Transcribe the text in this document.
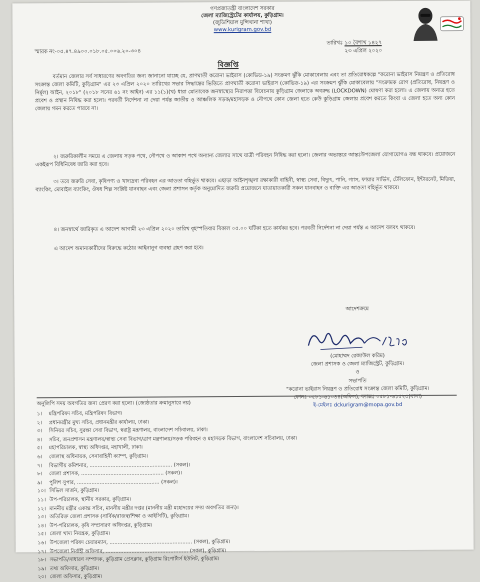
গণপ্রজাতন্ত্রী বাংলাদেশ সরকার
জেলা ম্যাজিস্ট্রেটের কার্যালয়, কুড়িগ্রাম।
(জুডিশিয়াল মুন্সিখানা শাখা)
www.kurigram.gov.bd
স্মারক নং-০৫.৪৭.৪৯০০.০১৮.০৫.০০৬.২০-৩০৪
তারিখঃ ১০ বৈশাখ ১৪২৭
২৩ এপ্রিল ২০২০
বিজ্ঞপ্তি

বর্তমান জেলার সর্ব সাধারণের অবগতির জন্য জানানো যাচ্ছে যে, প্রাণঘাতী করোনা ভাইরাস (কোভিড-১৯) সংক্রমণ ঝুঁকি মোকাবেলায় এবং তা প্রতিরোধকল্পে "করোনা ভাইরাস নিয়ন্ত্রণ ও প্রতিরোধ সংক্রান্ত জেলা কমিটি, কুড়িগ্রাম" এর ২৩ এপ্রিল ২০২০ তারিখের সভার সিদ্ধান্তের ভিত্তিতে প্রাণঘাতী করোনা ভাইরাস (কোভিড-১৯) এর সংক্রমণ ঝুঁকি মোকাবেলায় "সংক্রামক রোগ (প্রতিরোধ, নিয়ন্ত্রণ ও নির্মূল) আইন, ২০১৮" (২০১৮ সনের ৬১ নং আইন) এর ১১(১)(খ) ধারা মোতাবেক জনস্বাস্থ্যের নিরাপত্তা বিবেচনায় কুড়িগ্রাম জেলাকে অবরুদ্ধ (LOCKDOWN) ঘোষণা করা হলো। এ জেলায় অন্যত্র হতে প্রবেশ ও প্রস্থান নিষিদ্ধ করা হলো। পরবর্তী নির্দেশনা না দেয়া পর্যন্ত জাতীয় ও আঞ্চলিক সড়ক/মহাসড়ক ও নৌপথে কোন জেলা হতে কেউ কুড়িগ্রাম জেলায় প্রবেশ করতে কিংবা এ জেলা হতে অন্য কোন জেলায় গমন করতে পারবে না।

২। জরুরিকালীন সময়ে এ জেলায় সড়ক পথে, নৌপথে ও আকাশ পথে অন্যান্য জেলার সাথে যাত্রী পরিবহন নিষিদ্ধ করা হলো। জেলার অভ্যন্তরে আন্তঃউপজেলা যোগাযোগও বন্ধ থাকবে। প্রয়োজনে একইরূপ বিধিনিষেধ জারি করা হবে।

৩। তবে জরুরি সেবা, কৃষিপণ্য ও খাদ্যদ্রব্য পরিবহন এর আওতা বহির্ভূত থাকবে। এছাড়া আইনশৃঙ্খলা রক্ষাকারী বাহিনী, স্বাস্থ্য সেবা, বিদ্যুৎ, পানি, গ্যাস, ফায়ার সার্ভিস, টেলিফোন, ইন্টারনেট, মিডিয়া, ব্যাংকিং, মোবাইল ব্যাংকিং, ঔষধ শিল্প সংশ্লিষ্ট যানবাহন এবং জেলা প্রশাসন কর্তৃক অনুমোদিত জরুরি প্রয়োজনে যাতায়াতকারী সকল যানবাহন ও ব্যক্তি এর আওতা বহির্ভূত থাকবে।

৪। জনস্বার্থে জারিকৃত এ আদেশ আগামী ২৩ এপ্রিল ২০২০ তারিখ বৃহস্পতিবার বিকাল ০৫.০০ ঘটিকা হতে কার্যকর হবে। পরবর্তী নির্দেশনা না দেয়া পর্যন্ত এ আদেশ বলবৎ থাকবে।

এ আদেশ অমান্যকারীদের বিরুদ্ধে কঠোর আইনানুগ ব্যবস্থা গ্রহণ করা হবে।

আদেশক্রমে
(মোহাম্মদ রেজাউল করিম)
জেলা প্রশাসক ও জেলা ম্যাজিস্ট্রেট, কুড়িগ্রাম।
ও
সভাপতি
"করোনা ভাইরাস নিয়ন্ত্রণ ও প্রতিরোধ সংক্রান্ত জেলা কমিটি, কুড়িগ্রাম।
ফোনঃ ০৫৮১-৬১০৪৪(অফিস), ফ্যাক্সঃ ০৫৮১-৬১৫২৫(বাসা)
ই-মেইলঃ dckurigram@mopa.gov.bd
অনুলিপি সদয় অবগতির জন্য প্রেরণ করা হলো। (জ্যেষ্ঠতার ক্রমানুসারে নয়)
১।	মন্ত্রিপরিষদ সচিব, মন্ত্রিপরিষদ বিভাগ।
২।	প্রধানমন্ত্রীর মুখ্য সচিব, প্রধানমন্ত্রীর কার্যালয়, ঢাকা।
৩।	সিনিয়র সচিব, সুরক্ষা সেবা বিভাগ, স্বরাষ্ট্র মন্ত্রণালয়, বাংলাদেশ সচিবালয়, ঢাকা।
৪।	সচিব, জনপ্রশাসন মন্ত্রণালয়/স্বাস্থ্য সেবা বিভাগ/ত্রাণ মন্ত্রণালয়/সড়ক পরিবহন ও মহাসড়ক বিভাগ, বাংলাদেশ সচিবালয়, ঢাকা।
৫।	মহাপরিচালক, স্বাস্থ্য অধিদপ্তর, মহাখালী, ঢাকা।
৬।	জেলাস্থ অধিনায়ক, সেনাবাহিনী ক্যাম্প, কুড়িগ্রাম।
৭।	বিভাগীয় কমিশনার, ................................................... (সকল)।
৮।	জেলা প্রশাসক, ................................................... (সকল)।
৯।	পুলিশ সুপার, ................................................... (সকল)।
১০। সিভিল সার্জন, কুড়িগ্রাম।
১১। উপ-পরিচালক, স্থানীয় সরকার, কুড়িগ্রাম।
১২। মাননীয় মন্ত্রীর একান্ত সচিব, মাননীয় মন্ত্রীর দপ্তর (মাননীয় মন্ত্রী মহোদয়ের সদয় অবগতির জন্য)।
১৩। অতিরিক্ত জেলা প্রশাসক (সার্বিক/রাজস্ব/শিক্ষা ও আইসিটি), কুড়িগ্রাম।
১৪। উপ-পরিচালক, কৃষি সম্প্রসারণ অধিদপ্তর, কুড়িগ্রাম।
১৫। জেলা খাদ্য নিয়ন্ত্রক, কুড়িগ্রাম।
১৬। উপজেলা পরিষদ চেয়ারম্যান, ................................................... (সকল), কুড়িগ্রাম।
১৭। উপজেলা নির্বাহী অফিসার, ................................................... (সকল), কুড়িগ্রাম।
১৮। সভাপতি/সাধারণ সম্পাদক, কুড়িগ্রাম প্রেসক্লাব, কুড়িগ্রাম রিপোর্টার্স ইউনিট, কুড়িগ্রাম।
১৯। তথ্য অফিসার, কুড়িগ্রাম।
২০। জেলা অফিসার, কুড়িগ্রাম।
